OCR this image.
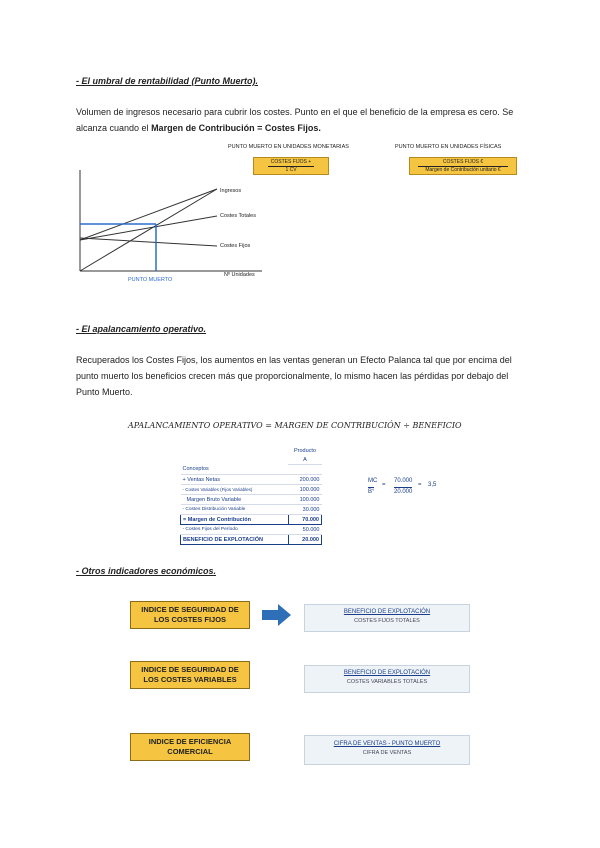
- El umbral de rentabilidad (Punto Muerto).
Volumen de ingresos necesario para cubrir los costes. Punto en el que el beneficio de la empresa es cero. Se alcanza cuando el Margen de Contribución = Costes Fijos.
PUNTO MUERTO EN UNIDADES MONETARIAS	PUNTO MUERTO EN UNIDADES FÍSICAS
COSTES FIJOS +
1 CV
COSTES FIJOS €
Margen de Contribución unitario €
Ingresos
Costes Totales
Costes Fijos
Nº Unidades
PUNTO MUERTO
- El apalancamiento operativo.
Recuperados los Costes Fijos, los aumentos en las ventas generan un Efecto Palanca tal que por encima del punto muerto los beneficios crecen más que proporcionalmente, lo mismo hacen las pérdidas por debajo del Punto Muerto.
APALANCAMIENTO OPERATIVO = MARGEN DE CONTRIBUCIÓN ÷ BENEFICIO
	Producto
	A
Conceptos	
+ Ventas Netas	200.000
- Costes Variables (Fijos Variables)	100.000
Margen Bruto Variable	100.000
- Costes Distribución Variable	30.000
= Margen de Contribución	70.000
- Costes Fijos del Período	50.000
BENEFICIO DE EXPLOTACIÓN	20.000
MC
B°
=
70.000
20.000
= 3,5
- Otros indicadores económicos.
INDICE DE SEGURIDAD DE
LOS COSTES FIJOS
BENEFICIO DE EXPLOTACIÓN
COSTES FIJOS TOTALES
INDICE DE SEGURIDAD DE
LOS COSTES VARIABLES
BENEFICIO DE EXPLOTACIÓN
COSTES VARIABLES TOTALES
INDICE DE EFICIENCIA
COMERCIAL
CIFRA DE VENTAS - PUNTO MUERTO
CIFRA DE VENTAS
